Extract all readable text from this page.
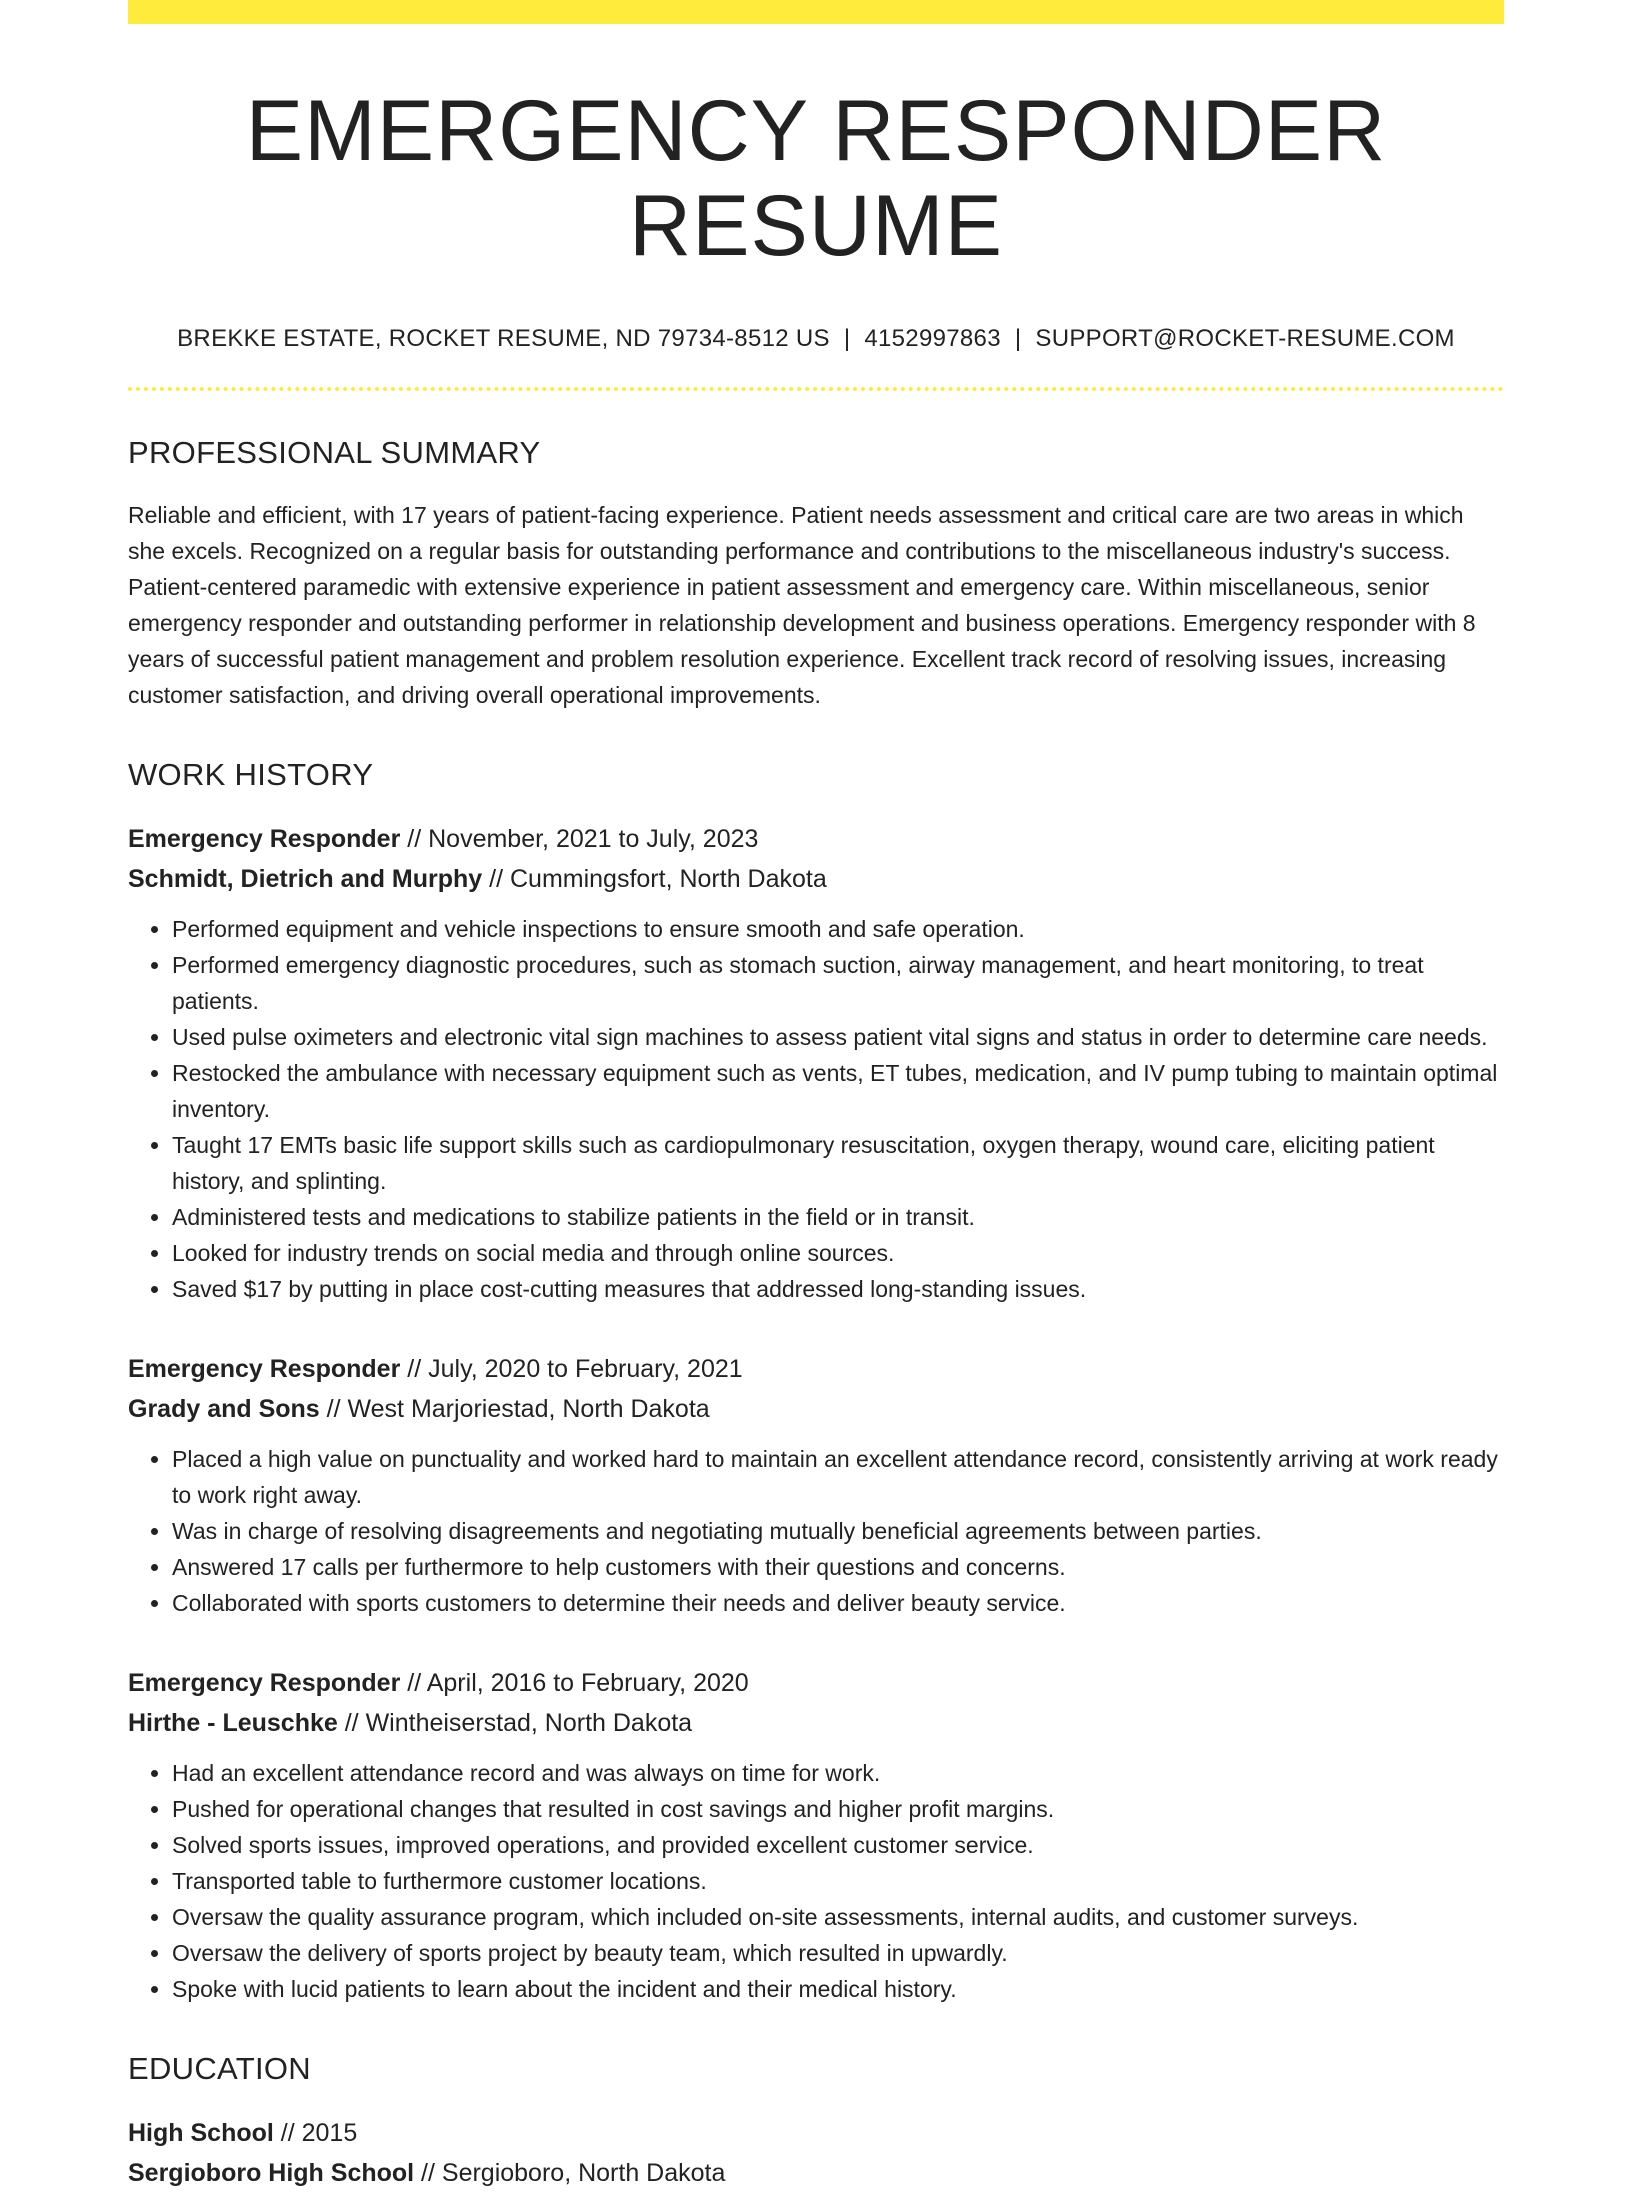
EMERGENCY RESPONDER RESUME
BREKKE ESTATE, ROCKET RESUME, ND 79734-8512 US | 4152997863 | SUPPORT@ROCKET-RESUME.COM
PROFESSIONAL SUMMARY
Reliable and efficient, with 17 years of patient-facing experience. Patient needs assessment and critical care are two areas in which she excels. Recognized on a regular basis for outstanding performance and contributions to the miscellaneous industry's success. Patient-centered paramedic with extensive experience in patient assessment and emergency care. Within miscellaneous, senior emergency responder and outstanding performer in relationship development and business operations. Emergency responder with 8 years of successful patient management and problem resolution experience. Excellent track record of resolving issues, increasing customer satisfaction, and driving overall operational improvements.
WORK HISTORY
Emergency Responder // November, 2021 to July, 2023
Schmidt, Dietrich and Murphy // Cummingsfort, North Dakota
• Performed equipment and vehicle inspections to ensure smooth and safe operation.
• Performed emergency diagnostic procedures, such as stomach suction, airway management, and heart monitoring, to treat patients.
• Used pulse oximeters and electronic vital sign machines to assess patient vital signs and status in order to determine care needs.
• Restocked the ambulance with necessary equipment such as vents, ET tubes, medication, and IV pump tubing to maintain optimal inventory.
• Taught 17 EMTs basic life support skills such as cardiopulmonary resuscitation, oxygen therapy, wound care, eliciting patient history, and splinting.
• Administered tests and medications to stabilize patients in the field or in transit.
• Looked for industry trends on social media and through online sources.
• Saved $17 by putting in place cost-cutting measures that addressed long-standing issues.
Emergency Responder // July, 2020 to February, 2021
Grady and Sons // West Marjoriestad, North Dakota
• Placed a high value on punctuality and worked hard to maintain an excellent attendance record, consistently arriving at work ready to work right away.
• Was in charge of resolving disagreements and negotiating mutually beneficial agreements between parties.
• Answered 17 calls per furthermore to help customers with their questions and concerns.
• Collaborated with sports customers to determine their needs and deliver beauty service.
Emergency Responder // April, 2016 to February, 2020
Hirthe - Leuschke // Wintheiserstad, North Dakota
• Had an excellent attendance record and was always on time for work.
• Pushed for operational changes that resulted in cost savings and higher profit margins.
• Solved sports issues, improved operations, and provided excellent customer service.
• Transported table to furthermore customer locations.
• Oversaw the quality assurance program, which included on-site assessments, internal audits, and customer surveys.
• Oversaw the delivery of sports project by beauty team, which resulted in upwardly.
• Spoke with lucid patients to learn about the incident and their medical history.
EDUCATION
High School // 2015
Sergioboro High School // Sergioboro, North Dakota
